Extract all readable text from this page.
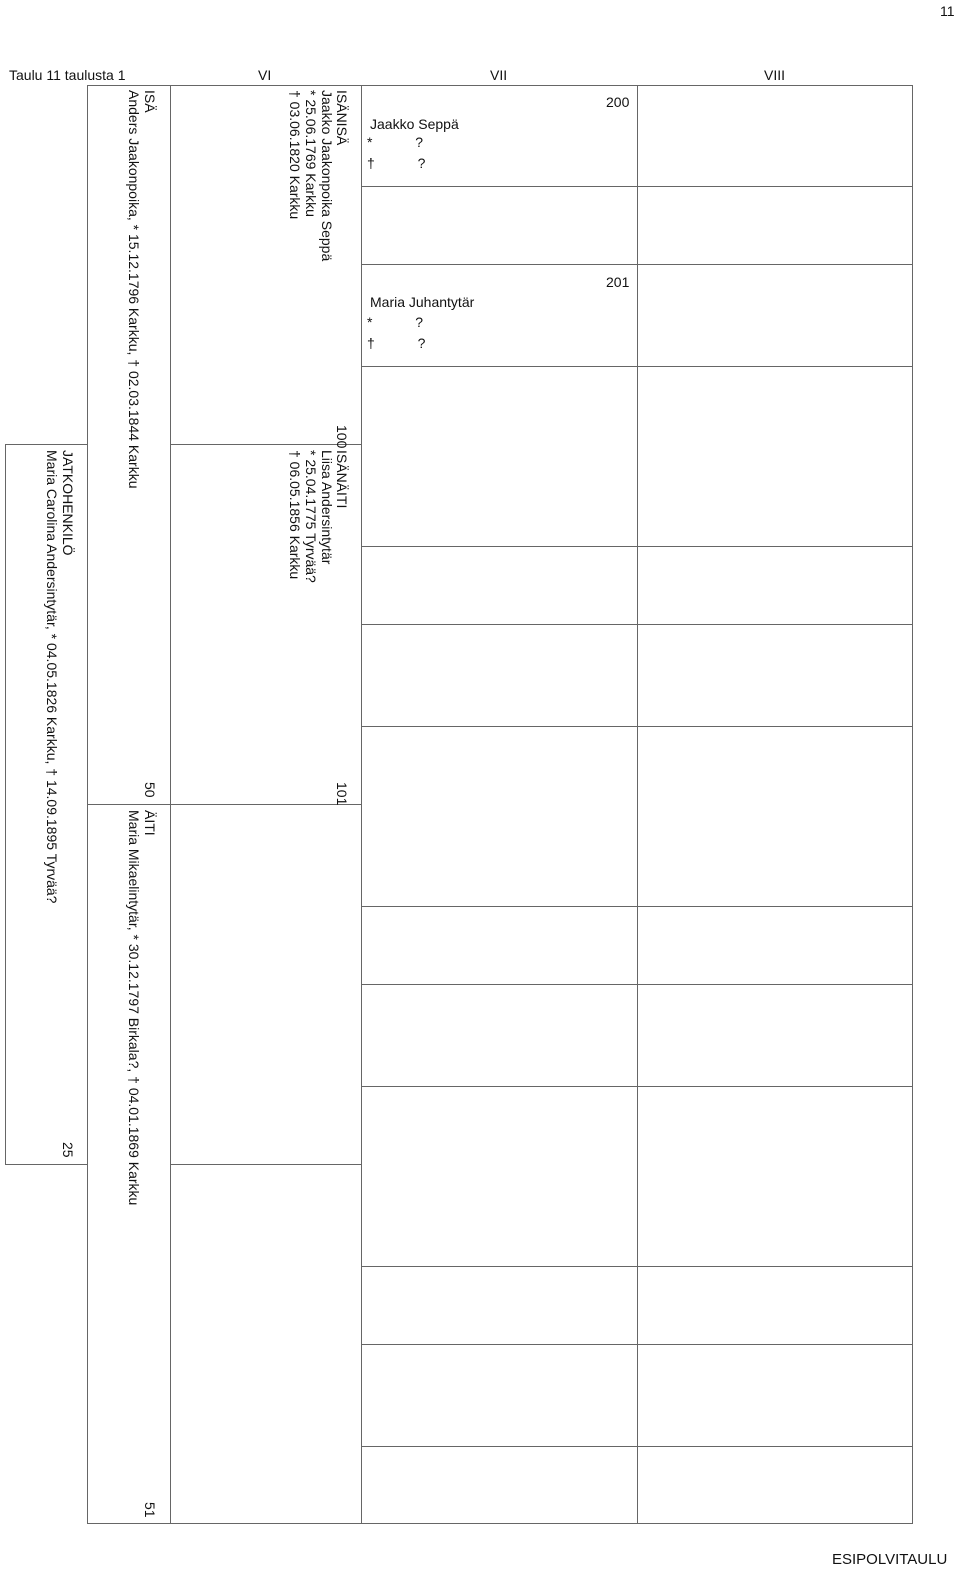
11
Taulu 11 taulusta 1	VI	VII	VIII
25
JATKOHENKILÖ
Maria Carolina Andersintytär, * 04.05.1826 Karkku, † 14.09.1895 Tyrvää?
ISÄ
Anders Jaakonpoika, * 15.12.1796 Karkku, † 02.03.1844 Karkku
50
ÄITI
Maria Mikaelintytär, * 30.12.1797 Birkala?, † 04.01.1869 Karkku
51
ISÄNISÄ
Jaakko Jaakonpoika Seppä
* 25.06.1769 Karkku
† 03.06.1820 Karkku
100
ISÄNÄITI
Liisa Andersintytär
* 25.04.1775 Tyrvää?
† 06.05.1856 Karkku
101
200
Jaakko Seppä
*           ?
†           ?
201
Maria Juhantytär
*           ?
†           ?
ESIPOLVITAULU
